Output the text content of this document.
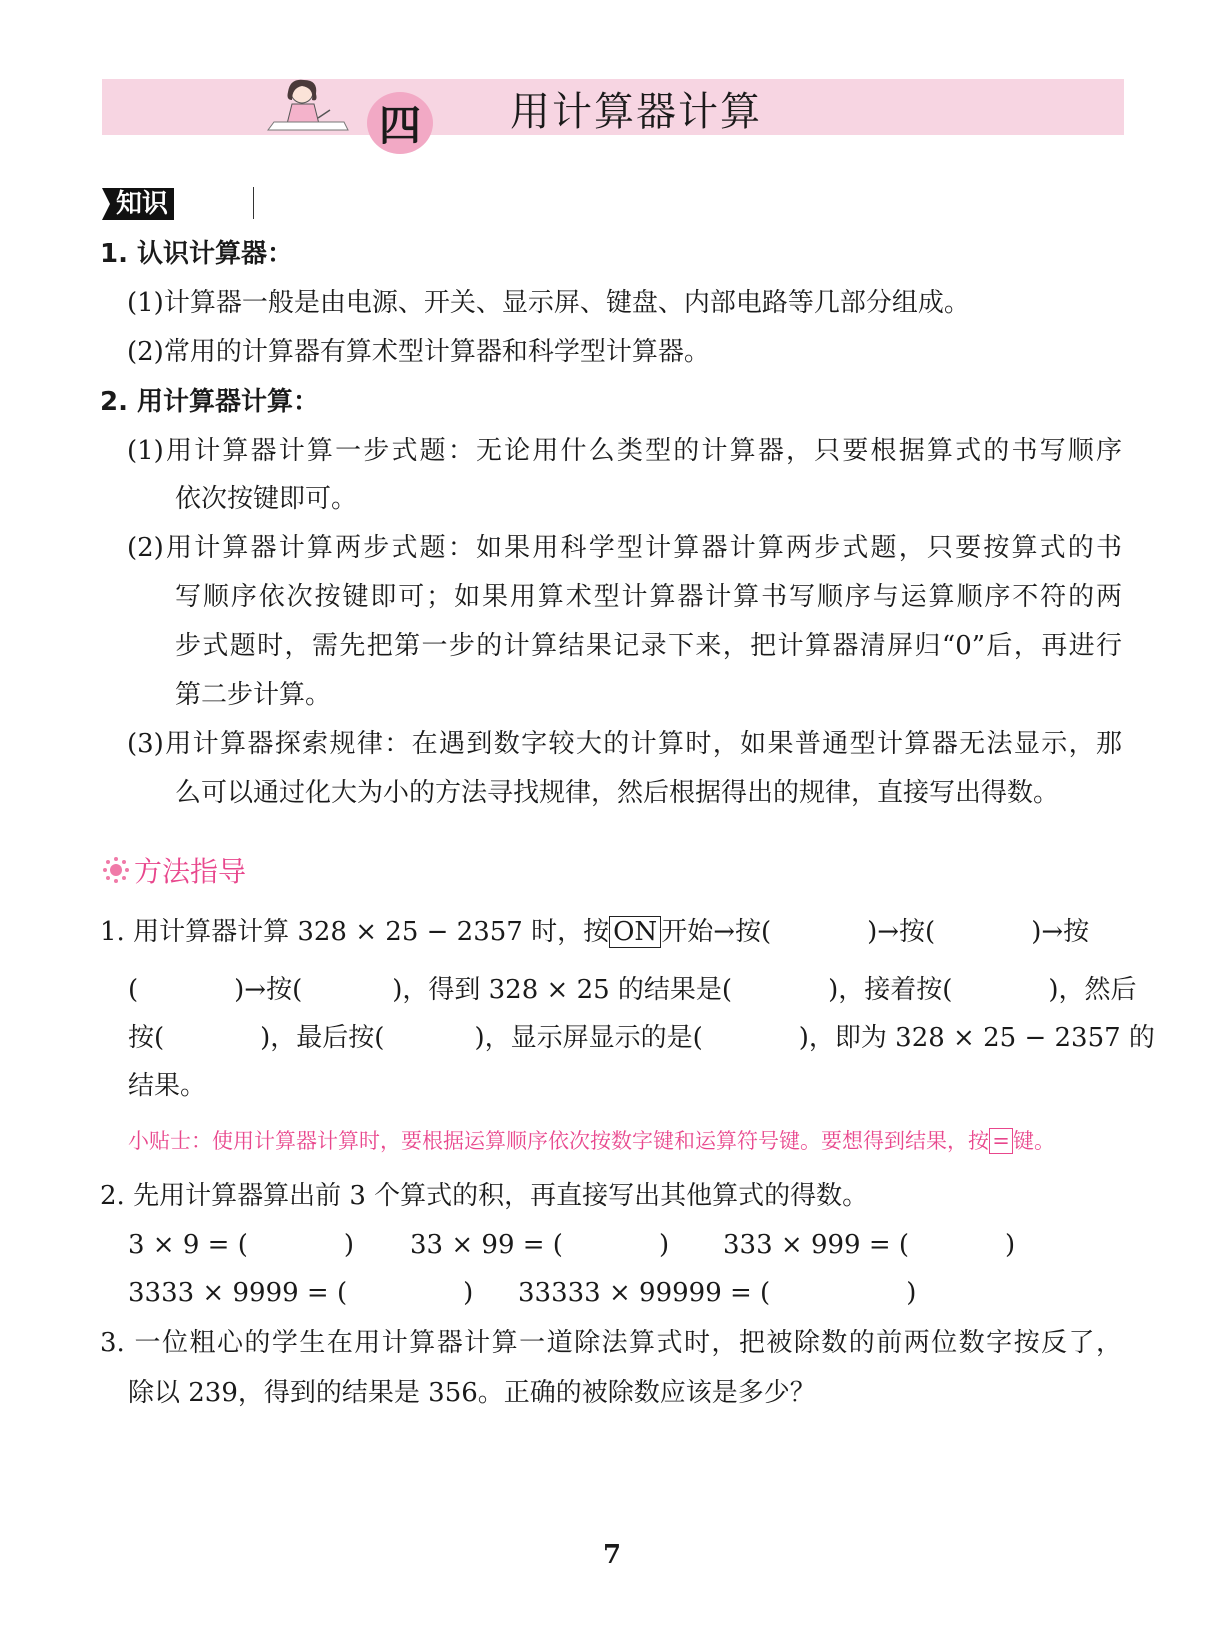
四	用计算器计算
知识
1. 认识计算器：
(1)计算器一般是由电源、开关、显示屏、键盘、内部电路等几部分组成。
(2)常用的计算器有算术型计算器和科学型计算器。
2. 用计算器计算：
(1)用计算器计算一步式题：无论用什么类型的计算器，只要根据算式的书写顺序
依次按键即可。
(2)用计算器计算两步式题：如果用科学型计算器计算两步式题，只要按算式的书
写顺序依次按键即可；如果用算术型计算器计算书写顺序与运算顺序不符的两
步式题时，需先把第一步的计算结果记录下来，把计算器清屏归“0”后，再进行
第二步计算。
(3)用计算器探索规律：在遇到数字较大的计算时，如果普通型计算器无法显示，那
么可以通过化大为小的方法寻找规律，然后根据得出的规律，直接写出得数。
方法指导
1. 用计算器计算 328 × 25 − 2357 时，按 ON 开始→按(	)→按(	)→按
(	)→按(	)，得到 328 × 25 的结果是(	)，接着按(	)，然后
按(	)，最后按(	)，显示屏显示的是(	)，即为 328 × 25 − 2357 的
结果。
小贴士：使用计算器计算时，要根据运算顺序依次按数字键和运算符号键。要想得到结果，按 = 键。
2. 先用计算器算出前 3 个算式的积，再直接写出其他算式的得数。
3 × 9 = (	) 33 × 99 = (	) 333 × 999 = (	)
3333 × 9999 = (	) 33333 × 99999 = (	)
3. 一位粗心的学生在用计算器计算一道除法算式时，把被除数的前两位数字按反了，
除以 239，得到的结果是 356。正确的被除数应该是多少？
7
